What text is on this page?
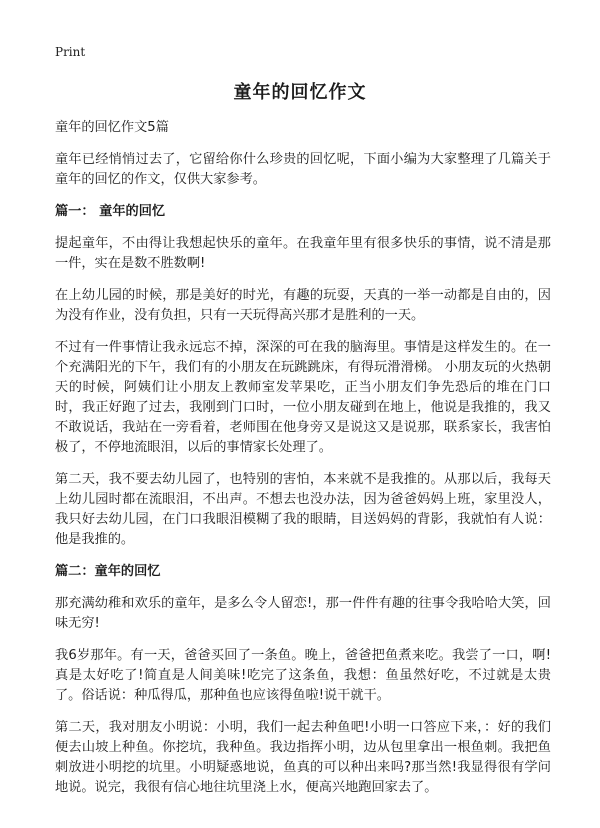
Print
童年的回忆作文

童年的回忆作文5篇

童年已经悄悄过去了，它留给你什么珍贵的回忆呢，下面小编为大家整理了几篇关于童年的回忆的作文，仅供大家参考。

篇一： 童年的回忆

提起童年，不由得让我想起快乐的童年。在我童年里有很多快乐的事情，说不清是那一件，实在是数不胜数啊!

在上幼儿园的时候，那是美好的时光，有趣的玩耍，天真的一举一动都是自由的，因为没有作业，没有负担，只有一天玩得高兴那才是胜利的一天。

不过有一件事情让我永远忘不掉，深深的可在我的脑海里。事情是这样发生的。在一个充满阳光的下午，我们有的小朋友在玩跳跳床，有得玩滑滑梯。 小朋友玩的火热朝天的时候，阿姨们让小朋友上教师室发苹果吃，正当小朋友们争先恐后的堆在门口时，我正好跑了过去，我刚到门口时，一位小朋友碰到在地上，他说是我推的，我又不敢说话，我站在一旁看着，老师围在他身旁又是说这又是说那，联系家长，我害怕极了，不停地流眼泪，以后的事情家长处理了。

第二天，我不要去幼儿园了，也特别的害怕，本来就不是我推的。从那以后，我每天上幼儿园时都在流眼泪，不出声。不想去也没办法，因为爸爸妈妈上班，家里没人，我只好去幼儿园，在门口我眼泪模糊了我的眼睛，目送妈妈的背影，我就怕有人说：他是我推的。

篇二：童年的回忆

那充满幼稚和欢乐的童年，是多么令人留恋!，那一件件有趣的往事令我哈哈大笑，回味无穷!

我6岁那年。有一天，爸爸买回了一条鱼。晚上，爸爸把鱼煮来吃。我尝了一口，啊!真是太好吃了!简直是人间美味!吃完了这条鱼，我想：鱼虽然好吃，不过就是太贵了。俗话说：种瓜得瓜，那种鱼也应该得鱼啦!说干就干。

第二天，我对朋友小明说：小明，我们一起去种鱼吧!小明一口答应下来，：好的我们便去山坡上种鱼。你挖坑，我种鱼。我边指挥小明，边从包里拿出一根鱼刺。我把鱼刺放进小明挖的坑里。小明疑惑地说，鱼真的可以种出来吗?那当然!我显得很有学问地说。说完，我很有信心地往坑里浇上水，便高兴地跑回家去了。
